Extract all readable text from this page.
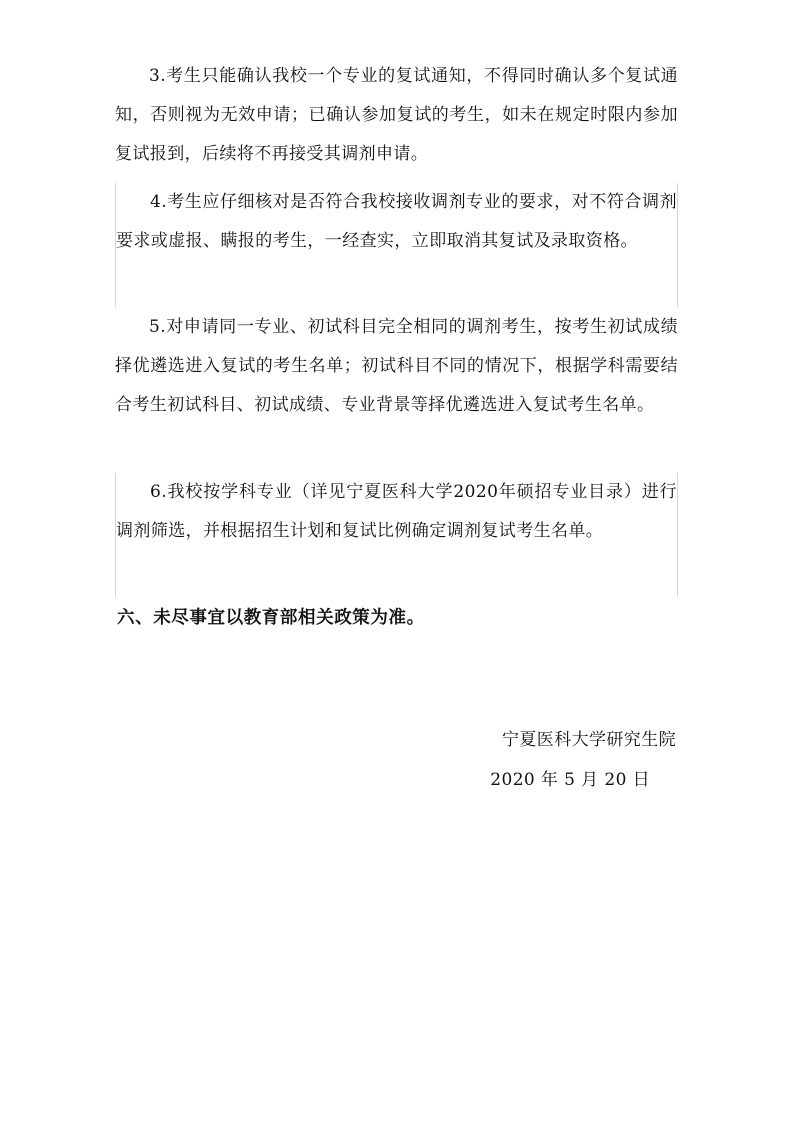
3.考生只能确认我校一个专业的复试通知，不得同时确认多个复试通知，否则视为无效申请；已确认参加复试的考生，如未在规定时限内参加复试报到，后续将不再接受其调剂申请。

4.考生应仔细核对是否符合我校接收调剂专业的要求，对不符合调剂要求或虚报、瞒报的考生，一经查实，立即取消其复试及录取资格。

5.对申请同一专业、初试科目完全相同的调剂考生，按考生初试成绩择优遴选进入复试的考生名单；初试科目不同的情况下，根据学科需要结合考生初试科目、初试成绩、专业背景等择优遴选进入复试考生名单。

6.我校按学科专业（详见宁夏医科大学2020年硕招专业目录）进行调剂筛选，并根据招生计划和复试比例确定调剂复试考生名单。

六、未尽事宜以教育部相关政策为准。
宁夏医科大学研究生院
2020 年 5 月 20 日
